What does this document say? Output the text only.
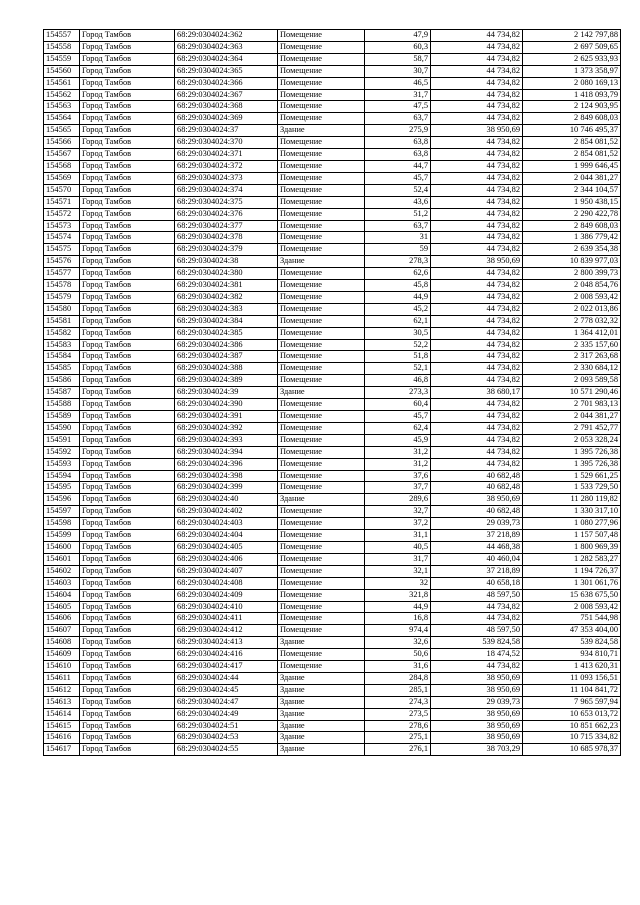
154557	Город Тамбов	68:29:0304024:362	Помещение	47,9	44 734,82	2 142 797,88
154558	Город Тамбов	68:29:0304024:363	Помещение	60,3	44 734,82	2 697 509,65
154559	Город Тамбов	68:29:0304024:364	Помещение	58,7	44 734,82	2 625 933,93
154560	Город Тамбов	68:29:0304024:365	Помещение	30,7	44 734,82	1 373 358,97
154561	Город Тамбов	68:29:0304024:366	Помещение	46,5	44 734,82	2 080 169,13
154562	Город Тамбов	68:29:0304024:367	Помещение	31,7	44 734,82	1 418 093,79
154563	Город Тамбов	68:29:0304024:368	Помещение	47,5	44 734,82	2 124 903,95
154564	Город Тамбов	68:29:0304024:369	Помещение	63,7	44 734,82	2 849 608,03
154565	Город Тамбов	68:29:0304024:37	Здание	275,9	38 950,69	10 746 495,37
154566	Город Тамбов	68:29:0304024:370	Помещение	63,8	44 734,82	2 854 081,52
154567	Город Тамбов	68:29:0304024:371	Помещение	63,8	44 734,82	2 854 081,52
154568	Город Тамбов	68:29:0304024:372	Помещение	44,7	44 734,82	1 999 646,45
154569	Город Тамбов	68:29:0304024:373	Помещение	45,7	44 734,82	2 044 381,27
154570	Город Тамбов	68:29:0304024:374	Помещение	52,4	44 734,82	2 344 104,57
154571	Город Тамбов	68:29:0304024:375	Помещение	43,6	44 734,82	1 950 438,15
154572	Город Тамбов	68:29:0304024:376	Помещение	51,2	44 734,82	2 290 422,78
154573	Город Тамбов	68:29:0304024:377	Помещение	63,7	44 734,82	2 849 608,03
154574	Город Тамбов	68:29:0304024:378	Помещение	31	44 734,82	1 386 779,42
154575	Город Тамбов	68:29:0304024:379	Помещение	59	44 734,82	2 639 354,38
154576	Город Тамбов	68:29:0304024:38	Здание	278,3	38 950,69	10 839 977,03
154577	Город Тамбов	68:29:0304024:380	Помещение	62,6	44 734,82	2 800 399,73
154578	Город Тамбов	68:29:0304024:381	Помещение	45,8	44 734,82	2 048 854,76
154579	Город Тамбов	68:29:0304024:382	Помещение	44,9	44 734,82	2 008 593,42
154580	Город Тамбов	68:29:0304024:383	Помещение	45,2	44 734,82	2 022 013,86
154581	Город Тамбов	68:29:0304024:384	Помещение	62,1	44 734,82	2 778 032,32
154582	Город Тамбов	68:29:0304024:385	Помещение	30,5	44 734,82	1 364 412,01
154583	Город Тамбов	68:29:0304024:386	Помещение	52,2	44 734,82	2 335 157,60
154584	Город Тамбов	68:29:0304024:387	Помещение	51,8	44 734,82	2 317 263,68
154585	Город Тамбов	68:29:0304024:388	Помещение	52,1	44 734,82	2 330 684,12
154586	Город Тамбов	68:29:0304024:389	Помещение	46,8	44 734,82	2 093 589,58
154587	Город Тамбов	68:29:0304024:39	Здание	273,3	38 680,17	10 571 290,46
154588	Город Тамбов	68:29:0304024:390	Помещение	60,4	44 734,82	2 701 983,13
154589	Город Тамбов	68:29:0304024:391	Помещение	45,7	44 734,82	2 044 381,27
154590	Город Тамбов	68:29:0304024:392	Помещение	62,4	44 734,82	2 791 452,77
154591	Город Тамбов	68:29:0304024:393	Помещение	45,9	44 734,82	2 053 328,24
154592	Город Тамбов	68:29:0304024:394	Помещение	31,2	44 734,82	1 395 726,38
154593	Город Тамбов	68:29:0304024:396	Помещение	31,2	44 734,82	1 395 726,38
154594	Город Тамбов	68:29:0304024:398	Помещение	37,6	40 682,48	1 529 661,25
154595	Город Тамбов	68:29:0304024:399	Помещение	37,7	40 682,48	1 533 729,50
154596	Город Тамбов	68:29:0304024:40	Здание	289,6	38 950,69	11 280 119,82
154597	Город Тамбов	68:29:0304024:402	Помещение	32,7	40 682,48	1 330 317,10
154598	Город Тамбов	68:29:0304024:403	Помещение	37,2	29 039,73	1 080 277,96
154599	Город Тамбов	68:29:0304024:404	Помещение	31,1	37 218,89	1 157 507,48
154600	Город Тамбов	68:29:0304024:405	Помещение	40,5	44 468,38	1 800 969,39
154601	Город Тамбов	68:29:0304024:406	Помещение	31,7	40 460,04	1 282 583,27
154602	Город Тамбов	68:29:0304024:407	Помещение	32,1	37 218,89	1 194 726,37
154603	Город Тамбов	68:29:0304024:408	Помещение	32	40 658,18	1 301 061,76
154604	Город Тамбов	68:29:0304024:409	Помещение	321,8	48 597,50	15 638 675,50
154605	Город Тамбов	68:29:0304024:410	Помещение	44,9	44 734,82	2 008 593,42
154606	Город Тамбов	68:29:0304024:411	Помещение	16,8	44 734,82	751 544,98
154607	Город Тамбов	68:29:0304024:412	Помещение	974,4	48 597,50	47 353 404,00
154608	Город Тамбов	68:29:0304024:413	Здание	32,6	539 824,58	539 824,58
154609	Город Тамбов	68:29:0304024:416	Помещение	50,6	18 474,52	934 810,71
154610	Город Тамбов	68:29:0304024:417	Помещение	31,6	44 734,82	1 413 620,31
154611	Город Тамбов	68:29:0304024:44	Здание	284,8	38 950,69	11 093 156,51
154612	Город Тамбов	68:29:0304024:45	Здание	285,1	38 950,69	11 104 841,72
154613	Город Тамбов	68:29:0304024:47	Здание	274,3	29 039,73	7 965 597,94
154614	Город Тамбов	68:29:0304024:49	Здание	273,5	38 950,69	10 653 013,72
154615	Город Тамбов	68:29:0304024:51	Здание	278,6	38 950,69	10 851 662,23
154616	Город Тамбов	68:29:0304024:53	Здание	275,1	38 950,69	10 715 334,82
154617	Город Тамбов	68:29:0304024:55	Здание	276,1	38 703,29	10 685 978,37
